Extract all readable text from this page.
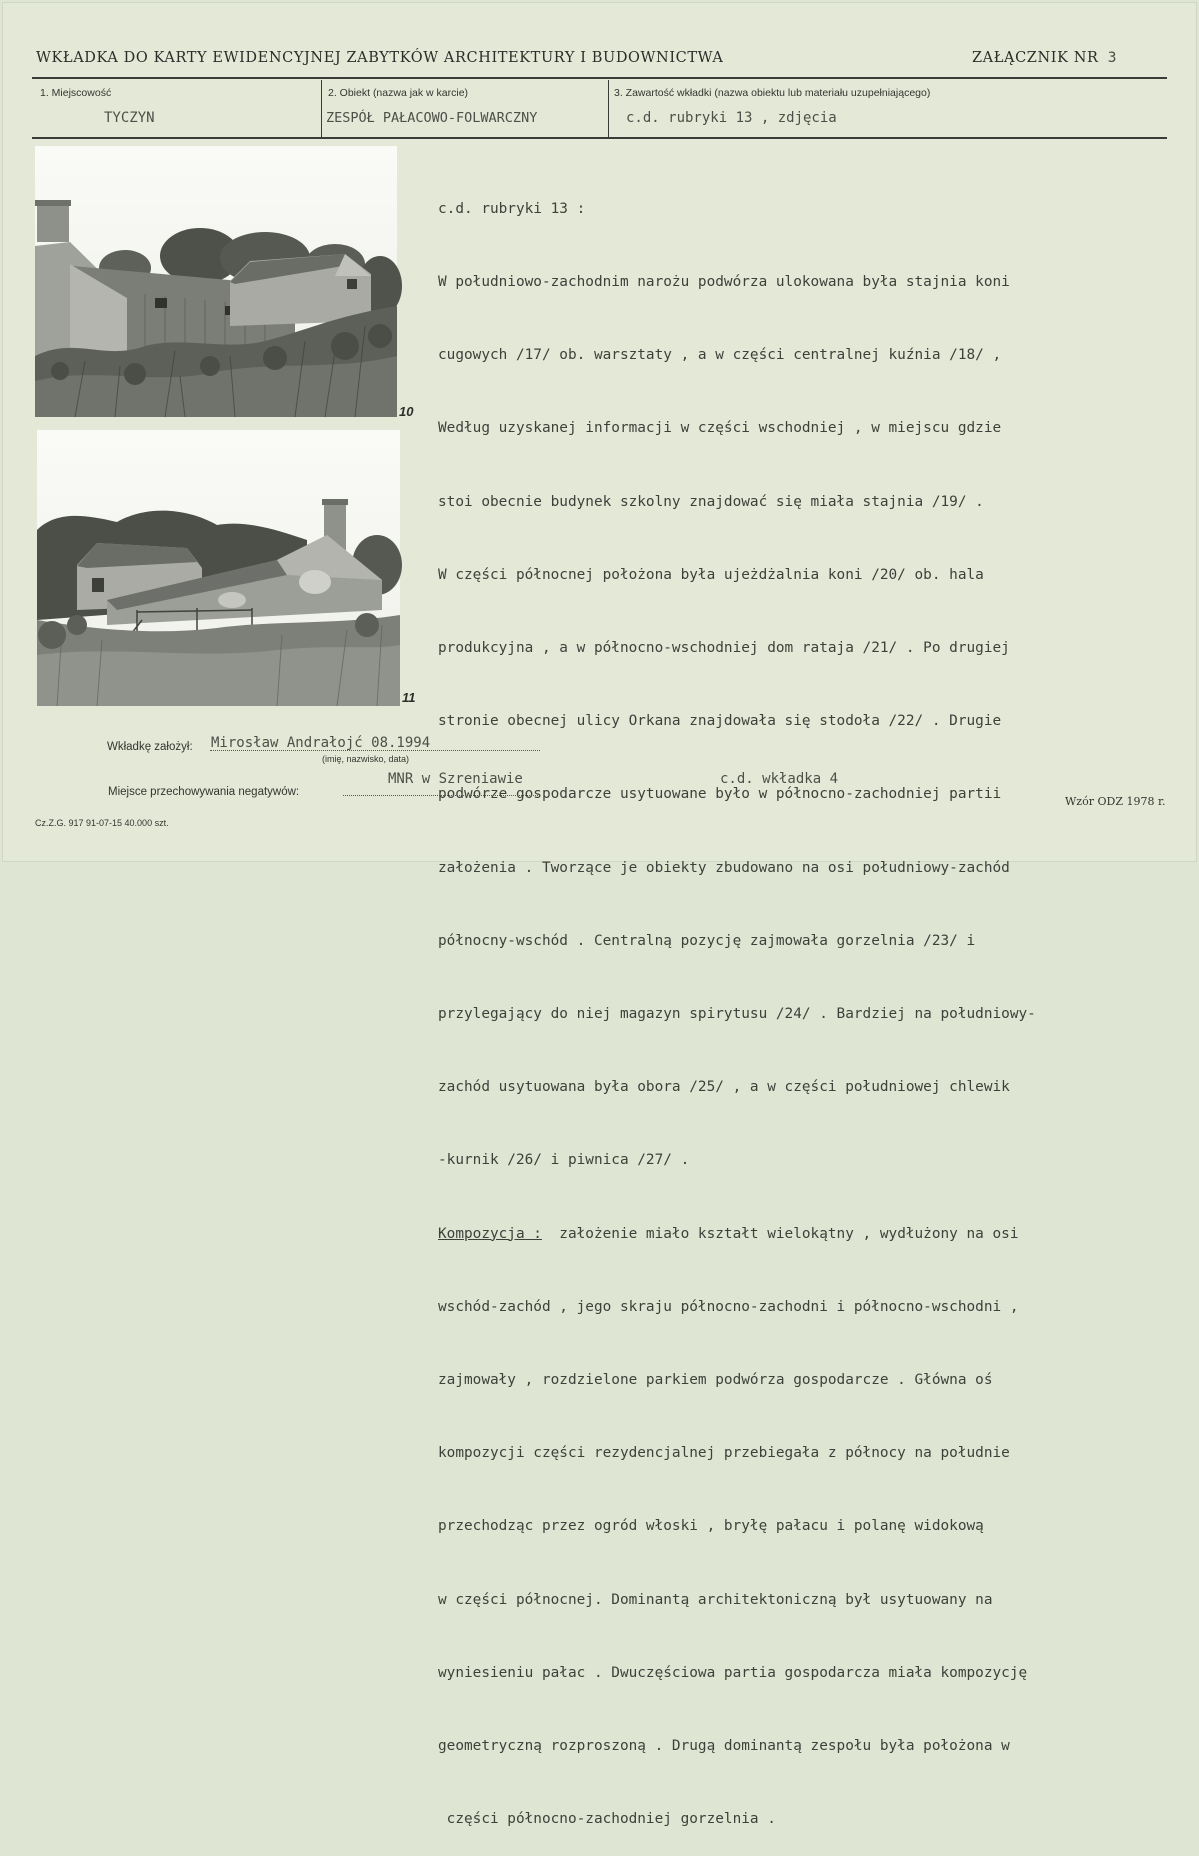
WKŁADKA DO KARTY EWIDENCYJNEJ ZABYTKÓW ARCHITEKTURY I BUDOWNICTWA	ZAŁĄCZNIK NR 3
1. Miejscowość
TYCZYN
2. Obiekt (nazwa jak w karcie)
ZESPÓŁ PAŁACOWO-FOLWARCZNY
3. Zawartość wkładki (nazwa obiektu lub materiału uzupełniającego)
c.d. rubryki 13 , zdjęcia
10
11

c.d. rubryki 13 :

W południowo-zachodnim narożu podwórza ulokowana była stajnia koni

cugowych /17/ ob. warsztaty , a w części centralnej kuźnia /18/ ,

Według uzyskanej informacji w części wschodniej , w miejscu gdzie

stoi obecnie budynek szkolny znajdować się miała stajnia /19/ .

W części północnej położona była ujeżdżalnia koni /20/ ob. hala

produkcyjna , a w północno-wschodniej dom rataja /21/ . Po drugiej

stronie obecnej ulicy Orkana znajdowała się stodoła /22/ . Drugie

podwórze gospodarcze usytuowane było w północno-zachodniej partii

założenia . Tworzące je obiekty zbudowano na osi południowy-zachód

północny-wschód . Centralną pozycję zajmowała gorzelnia /23/ i

przylegający do niej magazyn spirytusu /24/ . Bardziej na południowy-

zachód usytuowana była obora /25/ , a w części południowej chlewik

-kurnik /26/ i piwnica /27/ .

Kompozycja :  założenie miało kształt wielokątny , wydłużony na osi

wschód-zachód , jego skraju północno-zachodni i północno-wschodni ,

zajmowały , rozdzielone parkiem podwórza gospodarcze . Główna oś

kompozycji części rezydencjalnej przebiegała z północy na południe

przechodząc przez ogród włoski , bryłę pałacu i polanę widokową

w części północnej. Dominantą architektoniczną był usytuowany na

wyniesieniu pałac . Dwuczęściowa partia gospodarcza miała kompozycję

geometryczną rozproszoną . Drugą dominantą zespołu była położona w

części północno-zachodniej gorzelnia .

Wkładkę założył: Mirosław Andrałojć 08.1994
(imię, nazwisko, data)
Miejsce przechowywania negatywów:
MNR w Szreniawie	c.d. wkładka 4
Wzór ODZ 1978 r.
Cz.Z.G. 917 91-07-15 40.000 szt.
